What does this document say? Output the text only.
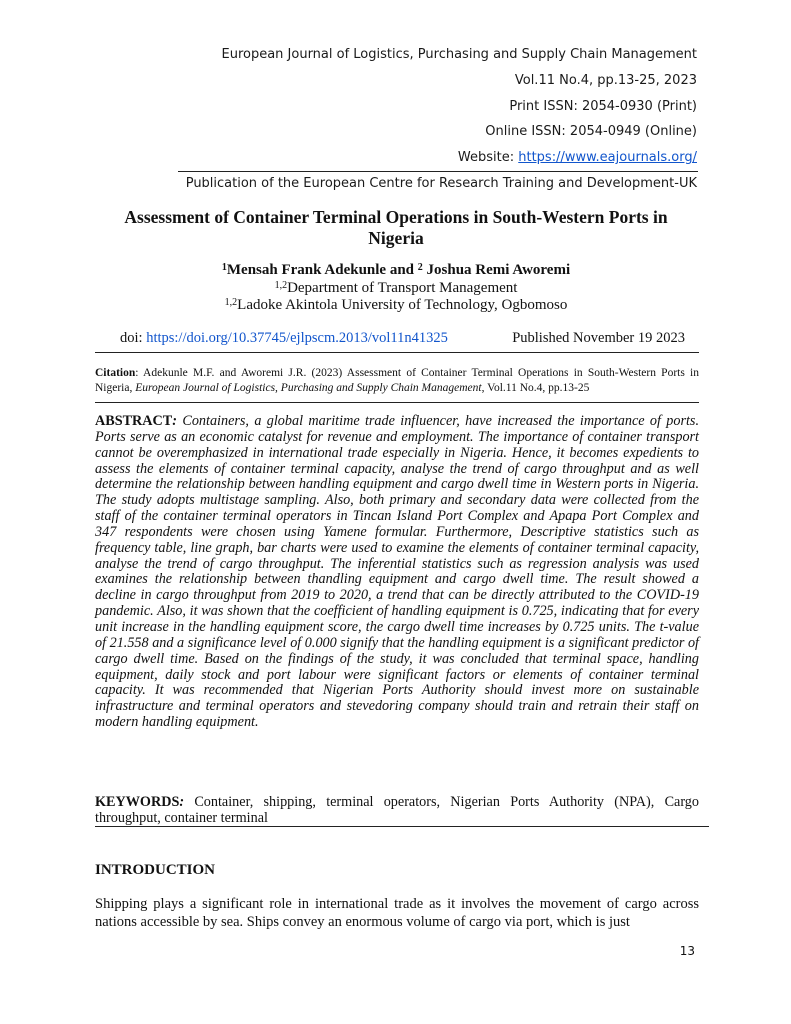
European Journal of Logistics, Purchasing and Supply Chain Management
Vol.11 No.4, pp.13-25, 2023
Print ISSN: 2054-0930 (Print)
Online ISSN: 2054-0949 (Online)
Website: https://www.eajournals.org/
Publication of the European Centre for Research Training and Development-UK
Assessment of Container Terminal Operations in South-Western Ports in Nigeria
$^1$Mensah Frank Adekunle and $^2$ Joshua Remi Aworemi
$^{1,2}$Department of Transport Management
$^{1,2}$Ladoke Akintola University of Technology, Ogbomoso
doi: https://doi.org/10.37745/ejlpscm.2013/vol11n41325	Published November 19 2023
Citation: Adekunle M.F. and Aworemi J.R. (2023) Assessment of Container Terminal Operations in South-Western Ports in Nigeria, European Journal of Logistics, Purchasing and Supply Chain Management, Vol.11 No.4, pp.13-25
ABSTRACT: Containers, a global maritime trade influencer, have increased the importance of ports. Ports serve as an economic catalyst for revenue and employment. The importance of container transport cannot be overemphasized in international trade especially in Nigeria. Hence, it becomes expedients to assess the elements of container terminal capacity, analyse the trend of cargo throughput and as well determine the relationship between handling equipment and cargo dwell time in Western ports in Nigeria. The study adopts multistage sampling. Also, both primary and secondary data were collected from the staff of the container terminal operators in Tincan Island Port Complex and Apapa Port Complex and 347 respondents were chosen using Yamene formular. Furthermore, Descriptive statistics such as frequency table, line graph, bar charts were used to examine the elements of container terminal capacity, analyse the trend of cargo throughput. The inferential statistics such as regression analysis was used examines the relationship between thandling equipment and cargo dwell time. The result showed a decline in cargo throughput from 2019 to 2020, a trend that can be directly attributed to the COVID-19 pandemic. Also, it was shown that the coefficient of handling equipment is 0.725, indicating that for every unit increase in the handling equipment score, the cargo dwell time increases by 0.725 units. The t-value of 21.558 and a significance level of 0.000 signify that the handling equipment is a significant predictor of cargo dwell time. Based on the findings of the study, it was concluded that terminal space, handling equipment, daily stock and port labour were significant factors or elements of container terminal capacity. It was recommended that Nigerian Ports Authority should invest more on sustainable infrastructure and terminal operators and stevedoring company should train and retrain their staff on modern handling equipment.
KEYWORDS: Container, shipping, terminal operators, Nigerian Ports Authority (NPA), Cargo throughput, container terminal
INTRODUCTION
Shipping plays a significant role in international trade as it involves the movement of cargo across nations accessible by sea. Ships convey an enormous volume of cargo via port, which is just
13
